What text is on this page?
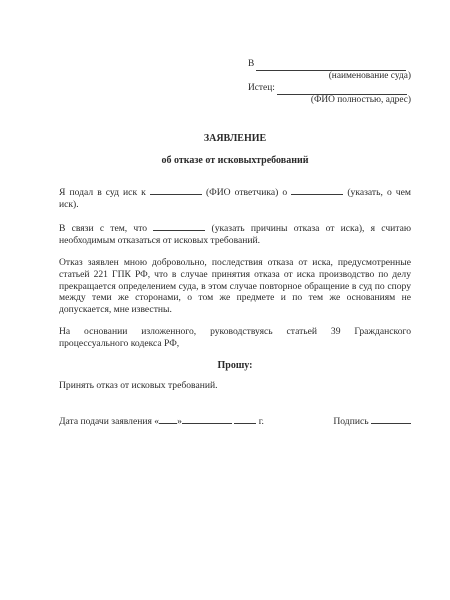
В
(наименование суда)
Истец:
(ФИО полностью, адрес)
ЗАЯВЛЕНИЕ
об отказе от исковыхтребований
Я подал в суд иск к	(ФИО ответчика) о	(указать, о чем иск).
В связи с тем, что	(указать причины отказа от иска), я считаю необходимым отказаться от исковых требований.
Отказ заявлен мною добровольно, последствия отказа от иска, предусмотренные статьей 221 ГПК РФ, что в случае принятия отказа от иска производство по делу прекращается определением суда, в этом случае повторное обращение в суд по спору между теми же сторонами, о том же предмете и по тем же основаниям не допускается, мне известны.
На основании изложенного, руководствуясь статьей 39 Гражданского процессуального кодекса РФ,
Прошу:
Принять отказ от исковых требований.
Дата подачи заявления « »	г.	Подпись
